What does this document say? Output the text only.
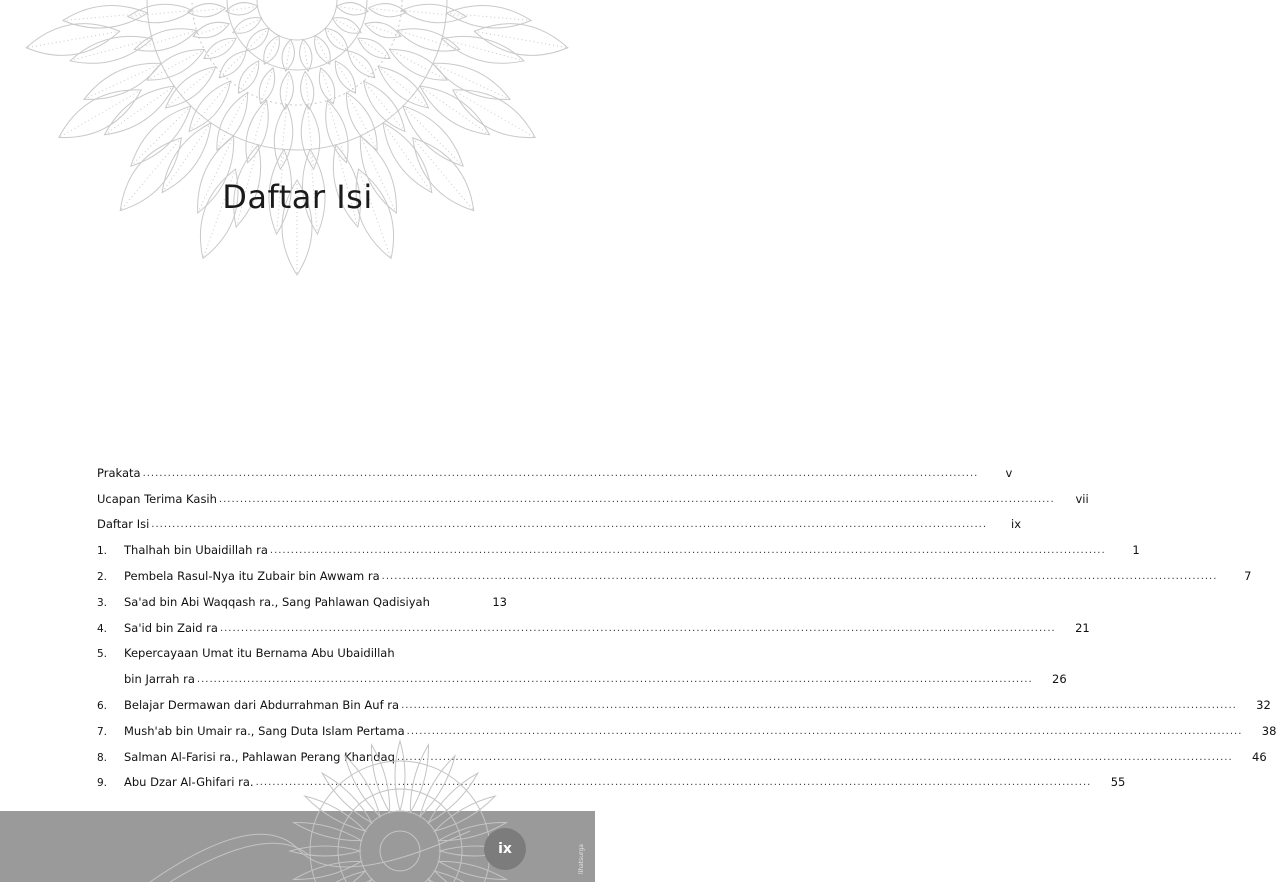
Daftar Isi
Prakata ........................................................................................................................................................................................................	v
Ucapan Terima Kasih ........................................................................................................................................................................................................	vii
Daftar Isi ........................................................................................................................................................................................................	ix
1.	Thalhah bin Ubaidillah ra ........................................................................................................................................................................................................	1
2.	Pembela Rasul-Nya itu Zubair bin Awwam ra ........................................................................................................................................................................................................	7
3.	Sa'ad bin Abi Waqqash ra., Sang Pahlawan Qadisiyah	13
4.	Sa'id bin Zaid ra ........................................................................................................................................................................................................	21
5.	Kepercayaan Umat itu Bernama Abu Ubaidillah
bin Jarrah ra ........................................................................................................................................................................................................	26
6.	Belajar Dermawan dari Abdurrahman Bin Auf ra ........................................................................................................................................................................................................	32
7.	Mush'ab bin Umair ra., Sang Duta Islam Pertama ........................................................................................................................................................................................................	38
8.	Salman Al-Farisi ra., Pahlawan Perang Khandaq ........................................................................................................................................................................................................	46
9.	Abu Dzar Al-Ghifari ra. ........................................................................................................................................................................................................	55
ix	lihatsurga
